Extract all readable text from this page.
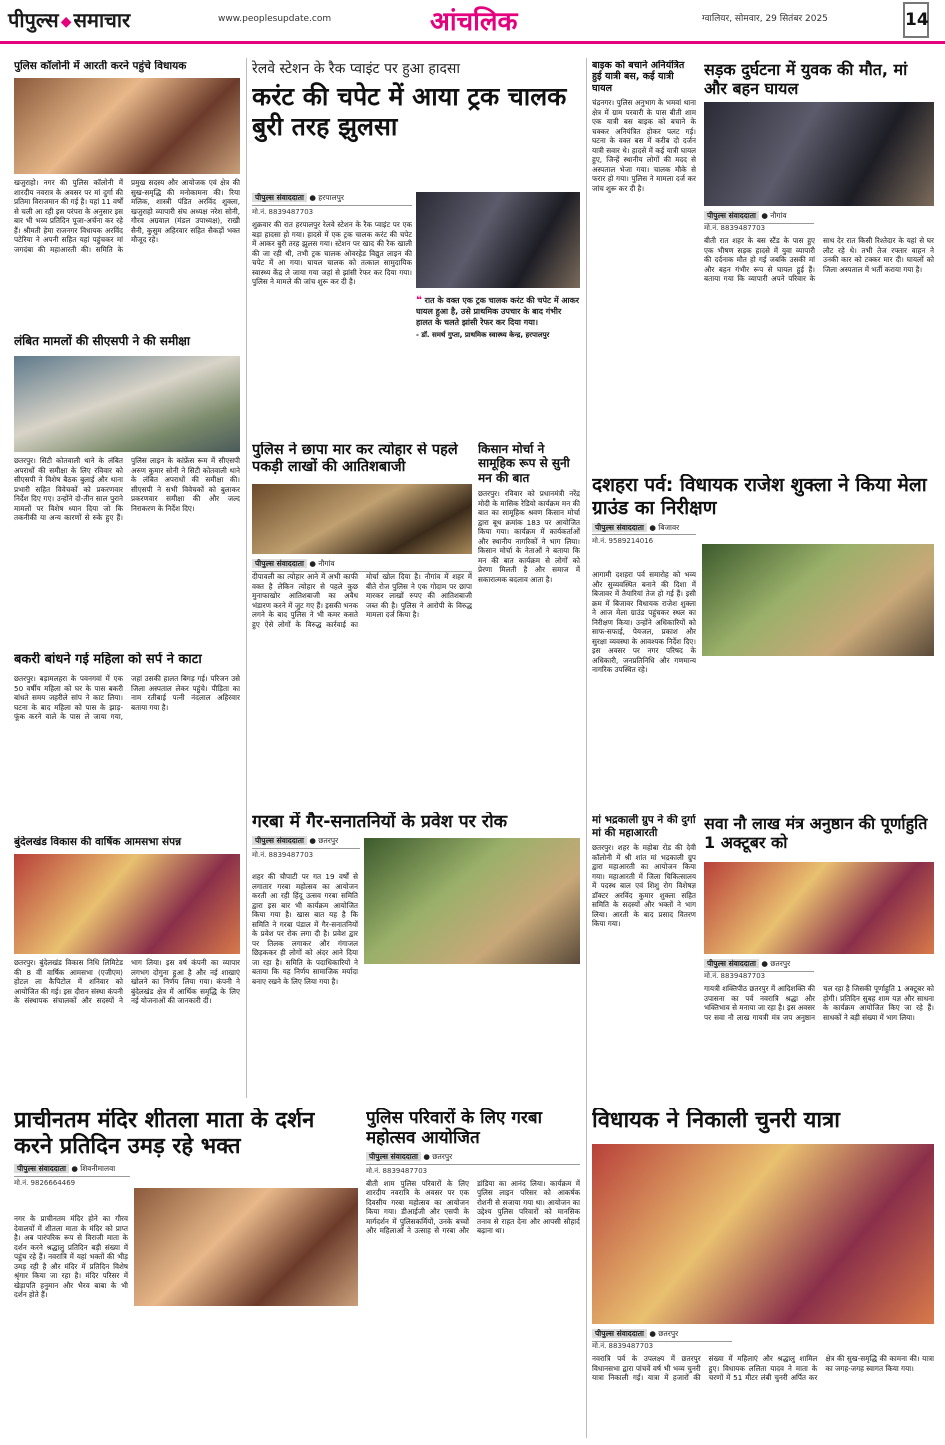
पीपुल्स ◆ समाचार	www.peoplesupdate.com	आंचलिक	ग्वालियर, सोमवार, 29 सितंबर 2025	14
पुलिस कॉलोनी में आरती करने पहुंचे विधायक
खजुराहो। नगर की पुलिस कॉलोनी में शारदीय नवरात्र के अवसर पर मां दुर्गा की प्रतिमा विराजमान की गई है। यहां 11 वर्षों से चली आ रही इस परंपरा के अनुसार इस बार भी भव्य प्रतिदिन पूजा-अर्चना कर रहे हैं। श्रीमती हेमा राजनगर विधायक अरविंद पटेरिया ने अपनी सहित यहां पहुंचकर मां जगदंबा की महाआरती की। समिति के प्रमुख सदस्य और आयोजक एवं क्षेत्र की सुख-समृद्धि की मनोकामना की। रिया मलिक, शास्त्री पंडित अरविंद शुक्ला, खजुराहो व्यापारी संघ अध्यक्ष नरेश सोनी, गौरव अग्रवाल (मंडल उपाध्यक्ष), राखी सैनी, कुसुम अहिरवार सहित सैकड़ों भक्त मौजूद रहे।
लंबित मामलों की सीएसपी ने की समीक्षा
छतरपुर। सिटी कोतवाली थाने के लंबित अपराधों की समीक्षा के लिए रविवार को सीएसपी ने विशेष बैठक बुलाई और थाना प्रभारी सहित विवेचकों को प्रकरणवार निर्देश दिए गए। उन्होंने दो-तीन साल पुराने मामलों पर विशेष ध्यान दिया जो कि तकनीकी या अन्य कारणों से रुके हुए हैं। पुलिस लाइन के कांफ्रेंस रूम में सीएसपी अरुण कुमार सोनी ने सिटी कोतवाली थाने के लंबित अपराधों की समीक्षा की। सीएसपी ने सभी विवेचकों को बुलाकर प्रकरणवार समीक्षा की और जल्द निराकरण के निर्देश दिए।
बकरी बांधने गई महिला को सर्प ने काटा
छतरपुर। बड़ामलहरा के पवनगवां में एक 50 वर्षीय महिला को घर के पास बकरी बांधते समय जहरीले सांप ने काट लिया। घटना के बाद महिला को पास के झाड़-फूंक करने वाले के पास ले जाया गया, जहां उसकी हालत बिगड़ गई। परिजन उसे जिला अस्पताल लेकर पहुंचे। पीड़िता का नाम रतीबाई पत्नी नंदलाल अहिरवार बताया गया है।
बुंदेलखंड विकास की वार्षिक आमसभा संपन्न
छतरपुर। बुंदेलखंड विकास निधि लिमिटेड की 8 वीं वार्षिक आमसभा (एजीएम) होटल ला कैपिटोल में शनिवार को आयोजित की गई। इस दौरान संस्था कंपनी के संस्थापक संचालकों और सदस्यों ने भाग लिया। इस वर्ष कंपनी का व्यापार लगभग दोगुना हुआ है और नई शाखाएं खोलने का निर्णय लिया गया। कंपनी ने बुंदेलखंड क्षेत्र में आर्थिक समृद्धि के लिए नई योजनाओं की जानकारी दी।
रेलवे स्टेशन के रैक प्वाइंट पर हुआ हादसा
करंट की चपेट में आया ट्रक चालक बुरी तरह झुलसा
पीपुल्स संवाददाता ● हरपालपुर
मो.नं. 8839487703
शुक्रवार की रात हरपालपुर रेलवे स्टेशन के रैक प्वाइंट पर एक बड़ा हादसा हो गया। हादसे में एक ट्रक चालक करंट की चपेट में आकर बुरी तरह झुलस गया। स्टेशन पर खाद की रैक खाली की जा रही थी, तभी ट्रक चालक ओवरहेड विद्युत लाइन की चपेट में आ गया। घायल चालक को तत्काल सामुदायिक स्वास्थ्य केंद्र ले जाया गया जहां से झांसी रेफर कर दिया गया। पुलिस ने मामले की जांच शुरू कर दी है।
❝ रात के वक्त एक ट्रक चालक करंट की चपेट में आकर घायल हुआ है, उसे प्राथमिक उपचार के बाद गंभीर हालत के चलते झांसी रेफर कर दिया गया।
- डॉ. समर्थ गुप्ता, प्राथमिक स्वास्थ्य केन्द्र, हरपालपुर
पुलिस ने छापा मार कर त्योहार से पहले पकड़ी लाखों की आतिशबाजी
पीपुल्स संवाददाता ● नौगांव
दीपावली का त्योहार आने में अभी काफी वक्त है लेकिन त्योहार से पहले कुछ मुनाफाखोर आतिशबाजी का अवैध भंडारण करने में जुट गए हैं। इसकी भनक लगने के बाद पुलिस ने भी कमर कसते हुए ऐसे लोगों के विरुद्ध कार्रवाई का मोर्चा खोल दिया है। नौगांव में शहर में बीते रोज पुलिस ने एक गोदाम पर छापा मारकर लाखों रुपए की आतिशबाजी जब्त की है। पुलिस ने आरोपी के विरुद्ध मामला दर्ज किया है।
किसान मोर्चा ने सामूहिक रूप से सुनी मन की बात
छतरपुर। रविवार को प्रधानमंत्री नरेंद्र मोदी के मासिक रेडियो कार्यक्रम मन की बात का सामूहिक श्रवण किसान मोर्चा द्वारा बूथ क्रमांक 183 पर आयोजित किया गया। कार्यक्रम में कार्यकर्ताओं और स्थानीय नागरिकों ने भाग लिया। किसान मोर्चा के नेताओं ने बताया कि मन की बात कार्यक्रम से लोगों को प्रेरणा मिलती है और समाज में सकारात्मक बदलाव आता है।
गरबा में गैर-सनातनियों के प्रवेश पर रोक
पीपुल्स संवाददाता ● छतरपुर
मो.नं. 8839487703
शहर की चौपाटी पर गत 19 वर्षों से लगातार गरबा महोत्सव का आयोजन करती आ रही हिंदू उत्सव गरबा समिति द्वारा इस बार भी कार्यक्रम आयोजित किया गया है। खास बात यह है कि समिति ने गरबा पंडाल में गैर-सनातनियों के प्रवेश पर रोक लगा दी है। प्रवेश द्वार पर तिलक लगाकर और गंगाजल छिड़ककर ही लोगों को अंदर आने दिया जा रहा है। समिति के पदाधिकारियों ने बताया कि यह निर्णय सामाजिक मर्यादा बनाए रखने के लिए लिया गया है।
प्राचीनतम मंदिर शीतला माता के दर्शन करने प्रतिदिन उमड़ रहे भक्त
पीपुल्स संवाददाता ● शिवनीमालवा
मो.नं. 9826664469
नगर के प्राचीनतम मंदिर होने का गौरव देवालयों में शीतला माता के मंदिर को प्राप्त है। अब पारंपरिक रूप से विराजी माता के दर्शन करने श्रद्धालु प्रतिदिन बड़ी संख्या में पहुंच रहे हैं। नवरात्रि में यहां भक्तों की भीड़ उमड़ रही है और मंदिर में प्रतिदिन विशेष श्रृंगार किया जा रहा है। मंदिर परिसर में खेड़ापति हनुमान और भैरव बाबा के भी दर्शन होते हैं।
पुलिस परिवारों के लिए गरबा महोत्सव आयोजित
पीपुल्स संवाददाता ● छतरपुर
मो.नं. 8839487703
बीती शाम पुलिस परिवारों के लिए शारदीय नवरात्रि के अवसर पर एक दिवसीय गरबा महोत्सव का आयोजन किया गया। डीआईजी और एसपी के मार्गदर्शन में पुलिसकर्मियों, उनके बच्चों और महिलाओं ने उत्साह से गरबा और डांडिया का आनंद लिया। कार्यक्रम में पुलिस लाइन परिसर को आकर्षक रोशनी से सजाया गया था। आयोजन का उद्देश्य पुलिस परिवारों को मानसिक तनाव से राहत देना और आपसी सौहार्द बढ़ाना था।
बाइक को बचाने अनियंत्रित हुई यात्री बस, कई यात्री घायल
चंद्रनगर। पुलिस अनुभाग के भमवां थाना क्षेत्र में ग्राम परवारी के पास बीती शाम एक यात्री बस बाइक को बचाने के चक्कर अनियंत्रित होकर पलट गई। घटना के वक्त बस में करीब दो दर्जन यात्री सवार थे। हादसे में कई यात्री घायल हुए, जिन्हें स्थानीय लोगों की मदद से अस्पताल भेजा गया। चालक मौके से फरार हो गया। पुलिस ने मामला दर्ज कर जांच शुरू कर दी है।
सड़क दुर्घटना में युवक की मौत, मां और बहन घायल
पीपुल्स संवाददाता ● नौगांव
मो.नं. 8839487703
बीती रात शहर के बस स्टैंड के पास हुए एक भीषण सड़क हादसे में युवा व्यापारी की दर्दनाक मौत हो गई जबकि उसकी मां और बहन गंभीर रूप से घायल हुई हैं। बताया गया कि व्यापारी अपने परिवार के साथ देर रात किसी रिश्तेदार के यहां से घर लौट रहे थे। तभी तेज रफ्तार वाहन ने उनकी कार को टक्कर मार दी। घायलों को जिला अस्पताल में भर्ती कराया गया है।
दशहरा पर्व: विधायक राजेश शुक्ला ने किया मेला ग्राउंड का निरीक्षण
पीपुल्स संवाददाता ● बिजावर
मो.नं. 9589214016
आगामी दशहरा पर्व समारोह को भव्य और सुव्यवस्थित बनाने की दिशा में बिजावर में तैयारियां तेज हो गई हैं। इसी क्रम में बिजावर विधायक राजेश शुक्ला ने आज मेला ग्राउंड पहुंचकर स्थल का निरीक्षण किया। उन्होंने अधिकारियों को साफ-सफाई, पेयजल, प्रकाश और सुरक्षा व्यवस्था के आवश्यक निर्देश दिए। इस अवसर पर नगर परिषद के अधिकारी, जनप्रतिनिधि और गणमान्य नागरिक उपस्थित रहे।
मां भद्रकाली ग्रुप ने की दुर्गा मां की महाआरती
छतरपुर। शहर के महोबा रोड की देवी कॉलोनी में श्री शांत मां भद्रकाली ग्रुप द्वारा महाआरती का आयोजन किया गया। महाआरती में जिला चिकित्सालय में पदस्थ बाल एवं शिशु रोग विशेषज्ञ डॉक्टर अरविंद कुमार शुक्ला सहित समिति के सदस्यों और भक्तों ने भाग लिया। आरती के बाद प्रसाद वितरण किया गया।
सवा नौ लाख मंत्र अनुष्ठान की पूर्णाहुति 1 अक्टूबर को
पीपुल्स संवाददाता ● छतरपुर
मो.नं. 8839487703
गायत्री शक्तिपीठ छतरपुर में आदिशक्ति की उपासना का पर्व नवरात्रि श्रद्धा और भक्तिभाव से मनाया जा रहा है। इस अवसर पर सवा नौ लाख गायत्री मंत्र जप अनुष्ठान चल रहा है जिसकी पूर्णाहुति 1 अक्टूबर को होगी। प्रतिदिन सुबह शाम यज्ञ और साधना के कार्यक्रम आयोजित किए जा रहे हैं। साधकों ने बड़ी संख्या में भाग लिया।
विधायक ने निकाली चुनरी यात्रा
पीपुल्स संवाददाता ● छतरपुर
मो.नं. 8839487703
नवरात्रि पर्व के उपलक्ष्य में छतरपुर विधानसभा द्वारा पांचवें वर्ष भी भव्य चुनरी यात्रा निकाली गई। यात्रा में हजारों की संख्या में महिलाएं और श्रद्धालु शामिल हुए। विधायक ललिता यादव ने माता के चरणों में 51 मीटर लंबी चुनरी अर्पित कर क्षेत्र की सुख-समृद्धि की कामना की। यात्रा का जगह-जगह स्वागत किया गया।
